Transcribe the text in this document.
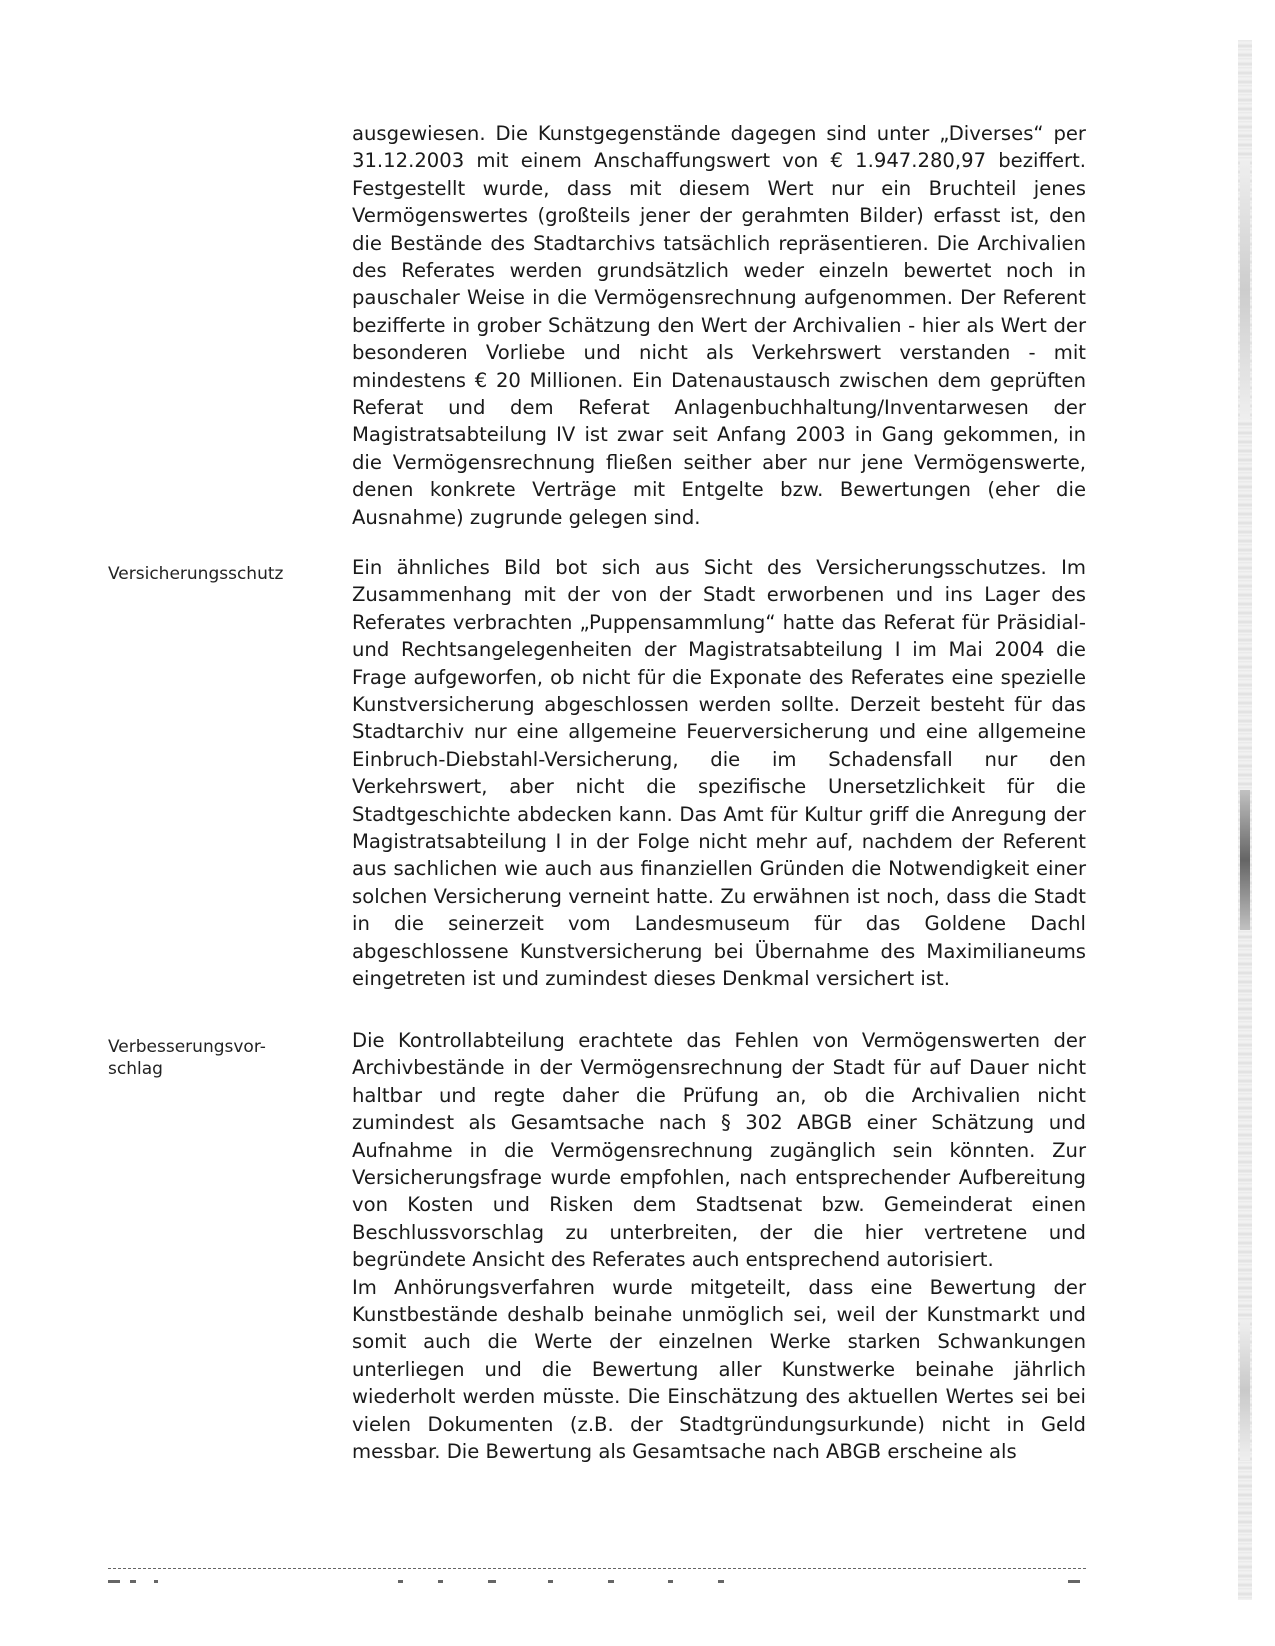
ausgewiesen. Die Kunstgegenstände dagegen sind unter „Diverses“ per 31.12.2003 mit einem Anschaffungswert von € 1.947.280,97 beziffert. Festgestellt wurde, dass mit diesem Wert nur ein Bruchteil jenes Vermögenswertes (großteils jener der gerahmten Bilder) erfasst ist, den die Bestände des Stadtarchivs tatsächlich repräsentieren. Die Archivalien des Referates werden grundsätzlich weder einzeln bewertet noch in pauschaler Weise in die Vermögensrechnung aufgenommen. Der Referent bezifferte in grober Schätzung den Wert der Archivalien - hier als Wert der besonderen Vorliebe und nicht als Verkehrswert verstanden - mit mindestens € 20 Millionen. Ein Datenaustausch zwischen dem geprüften Referat und dem Referat Anlagenbuchhaltung/Inventarwesen der Magistratsabteilung IV ist zwar seit Anfang 2003 in Gang gekommen, in die Vermögensrechnung fließen seither aber nur jene Vermögenswerte, denen konkrete Verträge mit Entgelte bzw. Bewertungen (eher die Ausnahme) zugrunde gelegen sind.

Versicherungsschutz	Ein ähnliches Bild bot sich aus Sicht des Versicherungsschutzes. Im Zusammenhang mit der von der Stadt erworbenen und ins Lager des Referates verbrachten „Puppensammlung“ hatte das Referat für Präsidial- und Rechtsangelegenheiten der Magistratsabteilung I im Mai 2004 die Frage aufgeworfen, ob nicht für die Exponate des Referates eine spezielle Kunstversicherung abgeschlossen werden sollte. Derzeit besteht für das Stadtarchiv nur eine allgemeine Feuerversicherung und eine allgemeine Einbruch-Diebstahl-Versicherung, die im Schadensfall nur den Verkehrswert, aber nicht die spezifische Unersetzlichkeit für die Stadtgeschichte abdecken kann. Das Amt für Kultur griff die Anregung der Magistratsabteilung I in der Folge nicht mehr auf, nachdem der Referent aus sachlichen wie auch aus finanziellen Gründen die Notwendigkeit einer solchen Versicherung verneint hatte. Zu erwähnen ist noch, dass die Stadt in die seinerzeit vom Landesmuseum für das Goldene Dachl abgeschlossene Kunstversicherung bei Übernahme des Maximilianeums eingetreten ist und zumindest dieses Denkmal versichert ist.

Verbesserungsvor- schlag

Die Kontrollabteilung erachtete das Fehlen von Vermögenswerten der Archivbestände in der Vermögensrechnung der Stadt für auf Dauer nicht haltbar und regte daher die Prüfung an, ob die Archivalien nicht zumindest als Gesamtsache nach § 302 ABGB einer Schätzung und Aufnahme in die Vermögensrechnung zugänglich sein könnten. Zur Versicherungsfrage wurde empfohlen, nach entsprechender Aufbereitung von Kosten und Risken dem Stadtsenat bzw. Gemeinderat einen Beschlussvorschlag zu unterbreiten, der die hier vertretene und begründete Ansicht des Referates auch entsprechend autorisiert.

Im Anhörungsverfahren wurde mitgeteilt, dass eine Bewertung der Kunstbestände deshalb beinahe unmöglich sei, weil der Kunstmarkt und somit auch die Werte der einzelnen Werke starken Schwankungen unterliegen und die Bewertung aller Kunstwerke beinahe jährlich wiederholt werden müsste. Die Einschätzung des aktuellen Wertes sei bei vielen Dokumenten (z.B. der Stadtgründungsurkunde) nicht in Geld messbar. Die Bewertung als Gesamtsache nach ABGB erscheine als
